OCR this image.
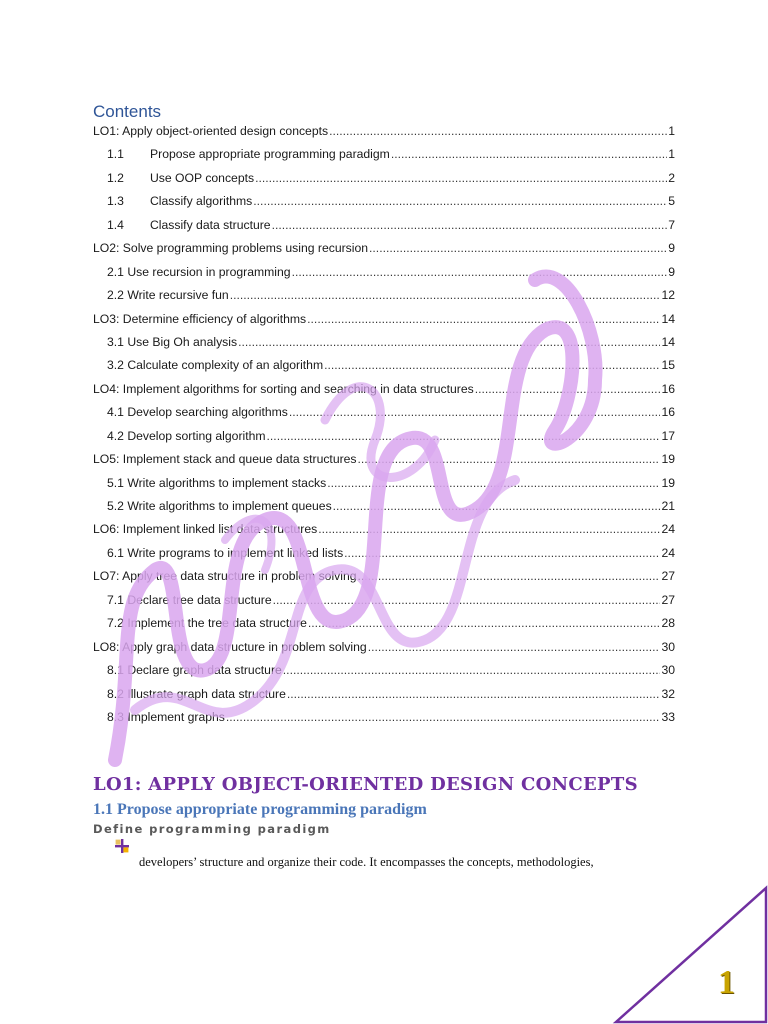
Contents
LO1: Apply object-oriented design concepts .....	1
1.1	Propose appropriate programming paradigm .....	1
1.2	Use OOP concepts .....	2
1.3	Classify algorithms .....	5
1.4	Classify data structure .....	7
LO2: Solve programming problems using recursion .....	9
2.1 Use recursion in programming .....	9
2.2 Write recursive fun .....	12
LO3: Determine efficiency of algorithms .....	14
3.1 Use Big Oh analysis .....	14
3.2 Calculate complexity of an algorithm .....	15
LO4: Implement algorithms for sorting and searching in data structures .....	16
4.1 Develop searching algorithms .....	16
4.2 Develop sorting algorithm .....	17
LO5: Implement stack and queue data structures .....	19
5.1 Write algorithms to implement stacks .....	19
5.2 Write algorithms to implement queues .....	21
LO6: Implement linked list data structures .....	24
6.1 Write programs to implement linked lists .....	24
LO7: Apply tree data structure in problem solving .....	27
7.1 Declare tree data structure .....	27
7.2 Implement the tree data structure .....	28
LO8: Apply graph data structure in problem solving .....	30
8.1 Declare graph data structure .....	30
8.2 Illustrate graph data structure .....	32
8.3 Implement graphs .....	33
LO1: APPLY OBJECT-ORIENTED DESIGN CONCEPTS
1.1 Propose appropriate programming paradigm
Define programming paradigm

developers’ structure and organize their code. It encompasses the concepts, methodologies,

1
